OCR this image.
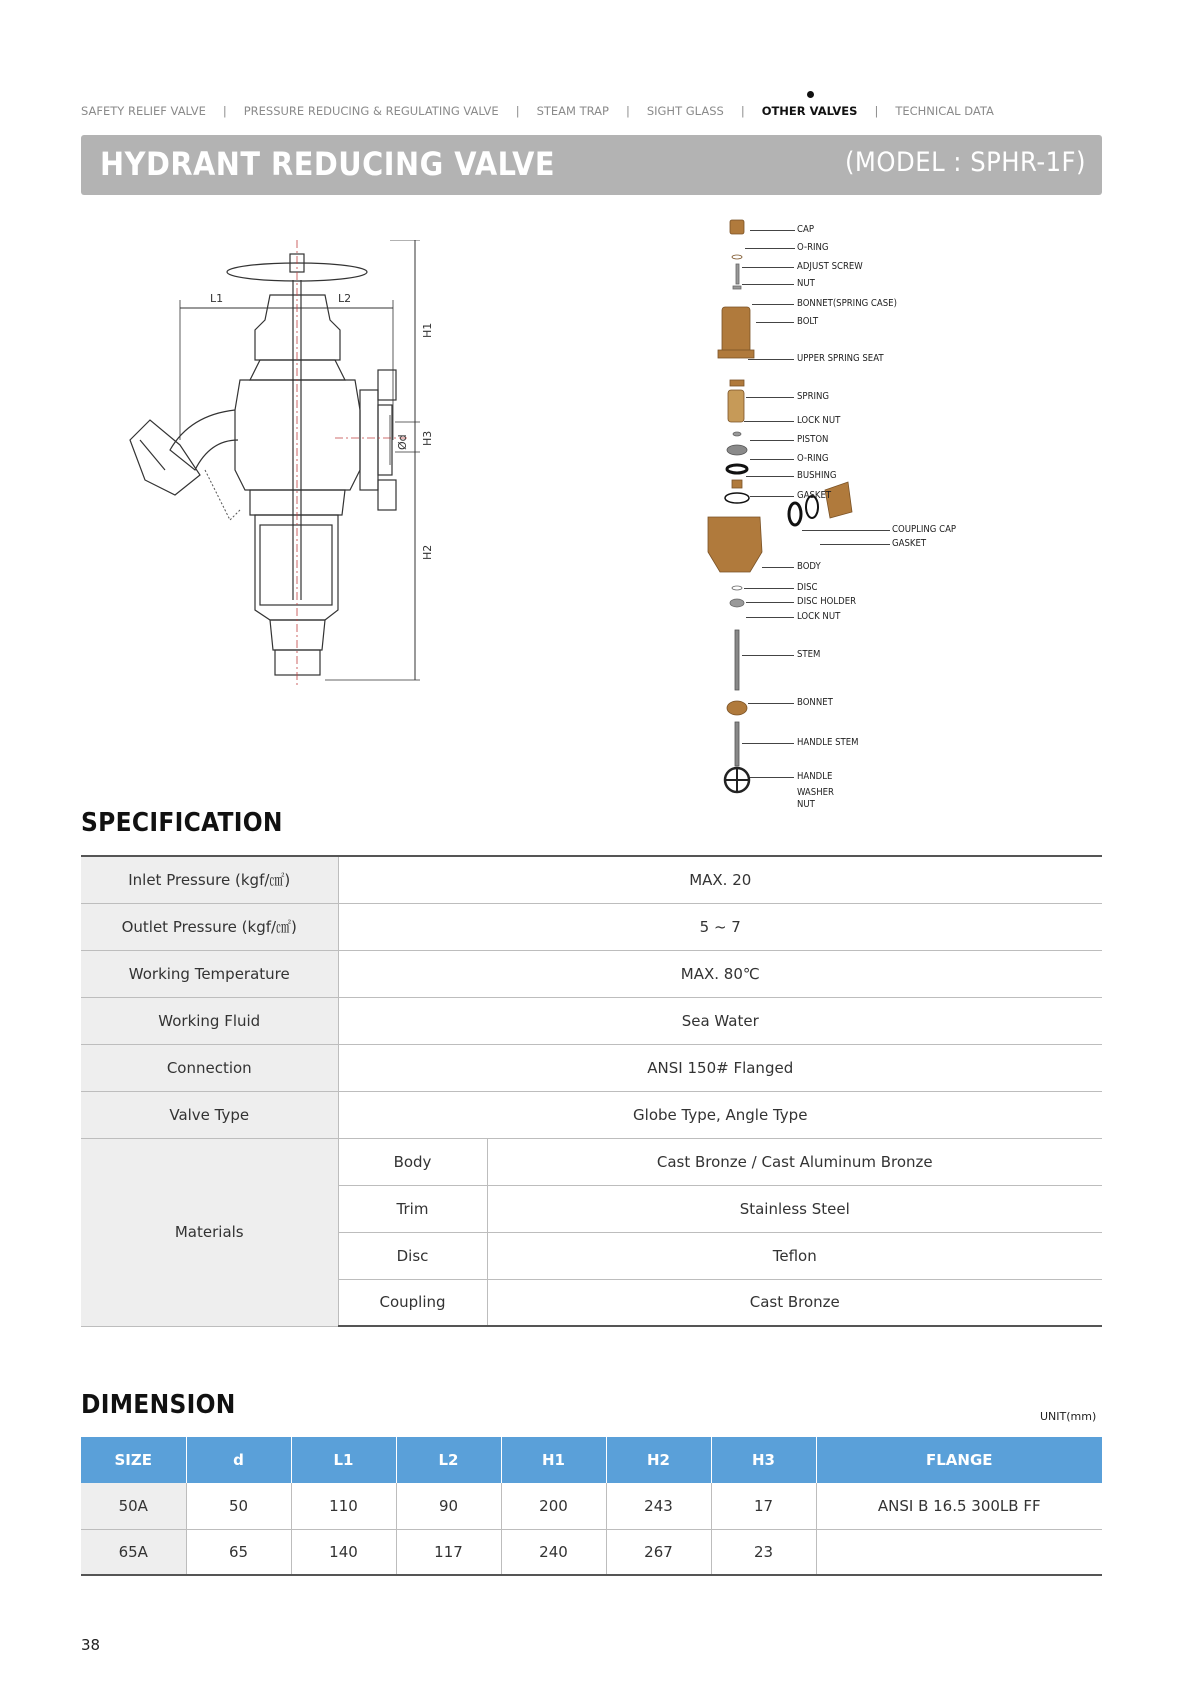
SAFETY RELIEF VALVE | PRESSURE REDUCING & REGULATING VALVE | STEAM TRAP | SIGHT GLASS | OTHER VALVES | TECHNICAL DATA
HYDRANT REDUCING VALVE	(MODEL : SPHR-1F)
L1	L2
H1
H3
Ød
H2
CAP
O-RING
ADJUST SCREW
NUT
BONNET(SPRING CASE)
BOLT
UPPER SPRING SEAT
SPRING
LOCK NUT
PISTON
O-RING
BUSHING
GASKET
COUPLING CAP
GASKET
BODY
DISC
DISC HOLDER
LOCK NUT
STEM
BONNET
HANDLE STEM
HANDLE
WASHER
NUT
SPECIFICATION
Inlet Pressure (kgf/㎠)	MAX. 20	
Outlet Pressure (kgf/㎠)	5 ~ 7	
Working Temperature	MAX. 80℃	
Working Fluid	Sea Water	
Connection	ANSI 150# Flanged	
Valve Type	Globe Type, Angle Type	
Materials	Body	Cast Bronze / Cast Aluminum Bronze
	Trim	Stainless Steel
	Disc	Teflon
	Coupling	Cast Bronze
DIMENSION	UNIT(mm)
SIZE	d	L1	L2	H1	H2	H3	FLANGE
50A	50	110	90	200	243	17	ANSI B 16.5 300LB FF
65A	65	140	117	240	267	23	
38
